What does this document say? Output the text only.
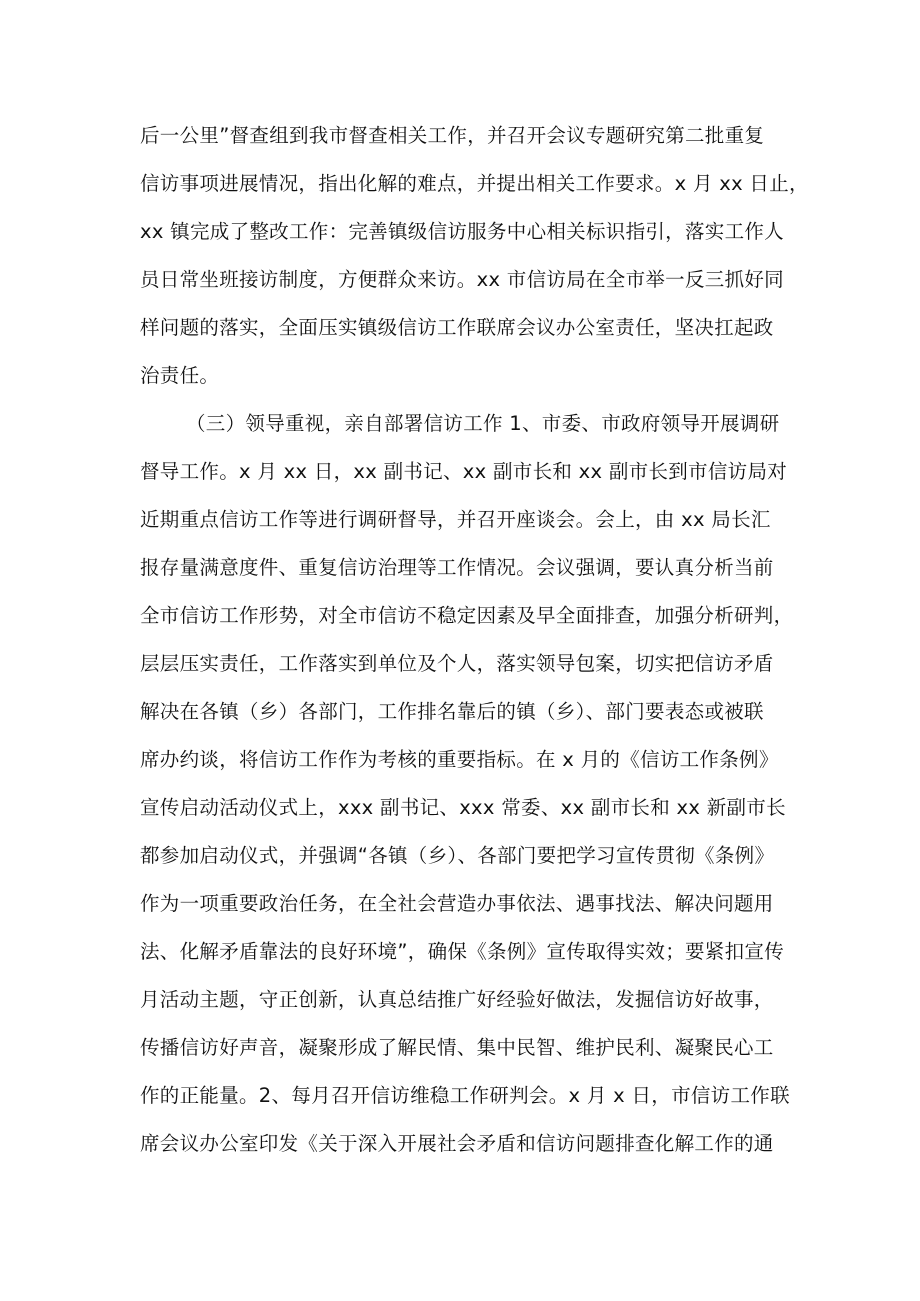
后一公里”督查组到我市督查相关工作，并召开会议专题研究第二批重复
信访事项进展情况，指出化解的难点，并提出相关工作要求。x 月 xx 日止，
xx 镇完成了整改工作：完善镇级信访服务中心相关标识指引，落实工作人
员日常坐班接访制度，方便群众来访。xx 市信访局在全市举一反三抓好同
样问题的落实，全面压实镇级信访工作联席会议办公室责任，坚决扛起政
治责任。
（三）领导重视，亲自部署信访工作 1、市委、市政府领导开展调研
督导工作。x 月 xx 日，xx 副书记、xx 副市长和 xx 副市长到市信访局对
近期重点信访工作等进行调研督导，并召开座谈会。会上，由 xx 局长汇
报存量满意度件、重复信访治理等工作情况。会议强调，要认真分析当前
全市信访工作形势，对全市信访不稳定因素及早全面排查，加强分析研判，
层层压实责任，工作落实到单位及个人，落实领导包案，切实把信访矛盾
解决在各镇（乡）各部门，工作排名靠后的镇（乡）、部门要表态或被联
席办约谈，将信访工作作为考核的重要指标。在 x 月的《信访工作条例》
宣传启动活动仪式上，xxx 副书记、xxx 常委、xx 副市长和 xx 新副市长
都参加启动仪式，并强调“各镇（乡）、各部门要把学习宣传贯彻《条例》
作为一项重要政治任务，在全社会营造办事依法、遇事找法、解决问题用
法、化解矛盾靠法的良好环境”，确保《条例》宣传取得实效；要紧扣宣传
月活动主题，守正创新，认真总结推广好经验好做法，发掘信访好故事，
传播信访好声音，凝聚形成了解民情、集中民智、维护民利、凝聚民心工
作的正能量。2、每月召开信访维稳工作研判会。x 月 x 日，市信访工作联
席会议办公室印发《关于深入开展社会矛盾和信访问题排查化解工作的通
